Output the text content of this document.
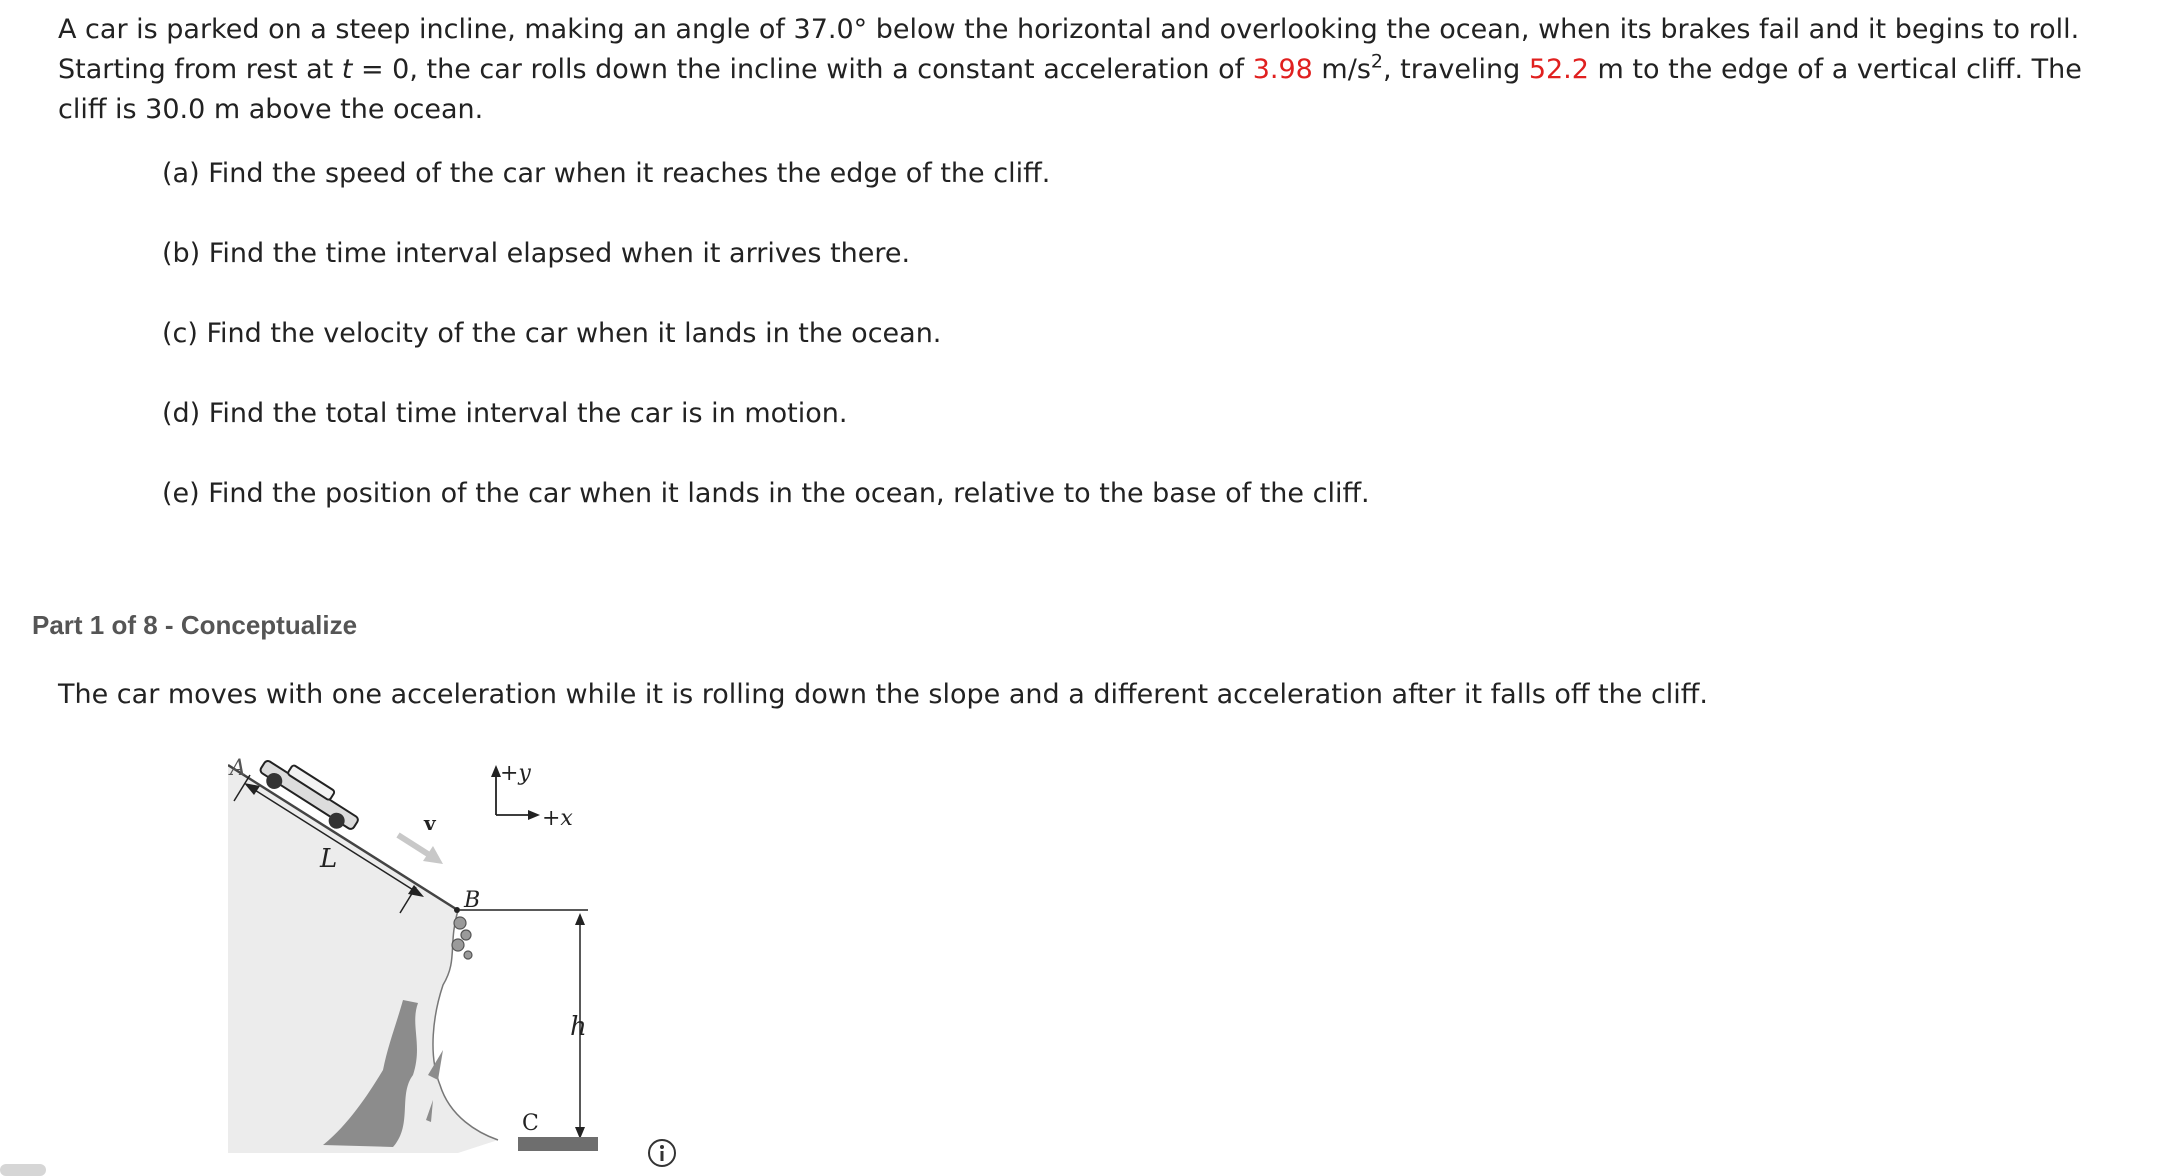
A car is parked on a steep incline, making an angle of 37.0° below the horizontal and overlooking the ocean, when its brakes fail and it begins to roll.

Starting from rest at t = 0, the car rolls down the incline with a constant acceleration of 3.98 $m/s^2$, traveling 52.2 m to the edge of a vertical cliff. The cliff is 30.0 m above the ocean.

(a) Find the speed of the car when it reaches the edge of the cliff.
(b) Find the time interval elapsed when it arrives there.
(c) Find the velocity of the car when it lands in the ocean.
(d) Find the total time interval the car is in motion.
(e) Find the position of the car when it lands in the ocean, relative to the base of the cliff.
Part 1 of 8 - Conceptualize
The car moves with one acceleration while it is rolling down the slope and a different acceleration after it falls off the cliff.
A
L
v
B
+y
+x
h
C
